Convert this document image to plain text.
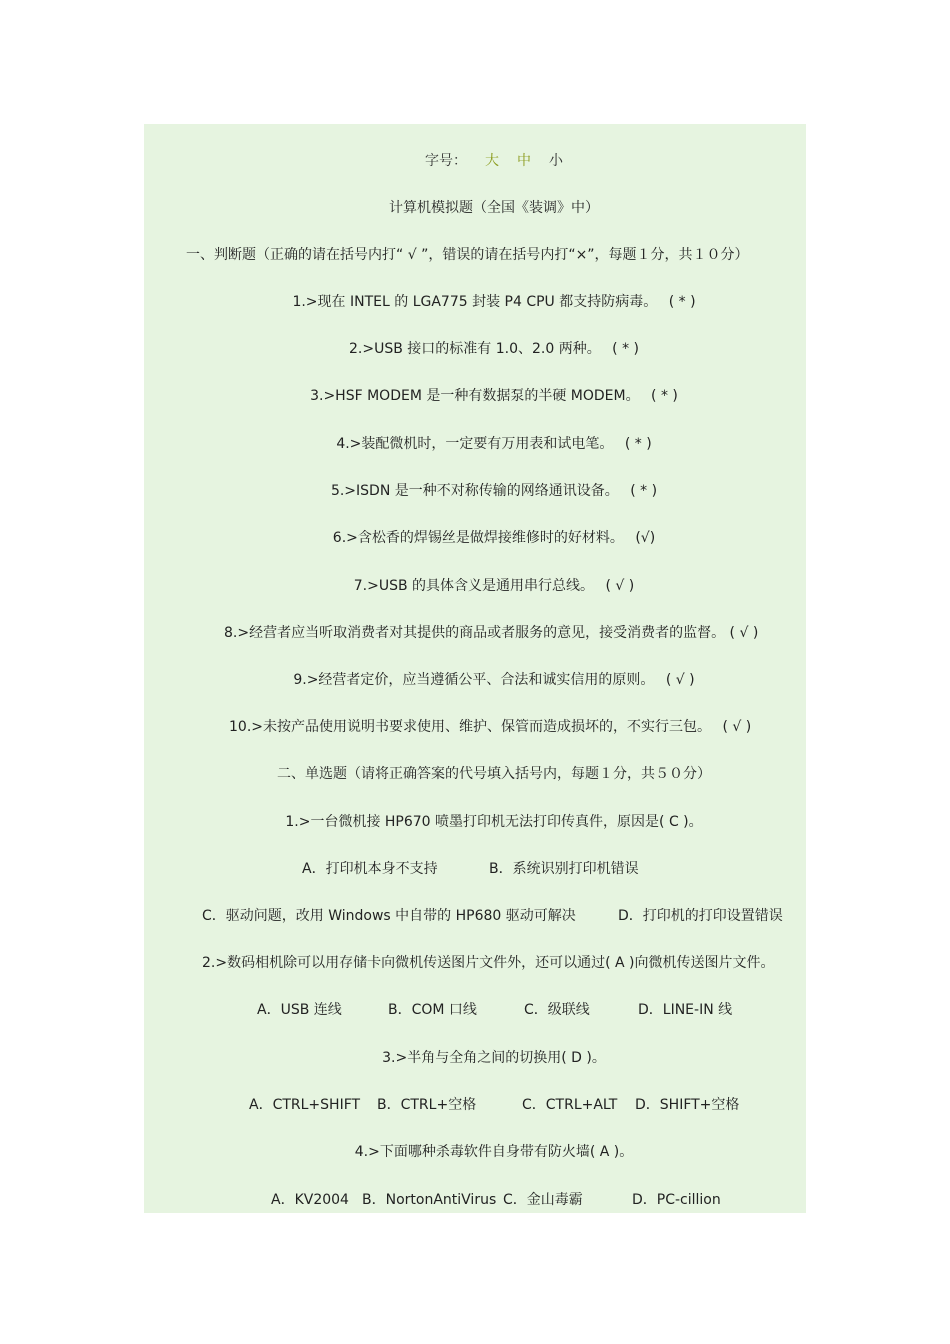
字号： 大 中 小
计算机模拟题（全国《装调》中）
一、判断题（正确的请在括号内打“ √ ”，错误的请在括号内打“×”，每题１分，共１０分）
1.>现在 INTEL 的 LGA775 封装 P4 CPU 都支持防病毒。　 ( * )
2.>USB 接口的标准有 1.0、2.0 两种。　 ( * )
3.>HSF MODEM 是一种有数据泵的半硬 MODEM。　 ( * )
4.>装配微机时，一定要有万用表和试电笔。　 ( * )
5.>ISDN 是一种不对称传输的网络通讯设备。　 ( * )
6.>含松香的焊锡丝是做焊接维修时的好材料。　 (√)
7.>USB 的具体含义是通用串行总线。　 ( √ )
8.>经营者应当听取消费者对其提供的商品或者服务的意见，接受消费者的监督。 ( √ )
9.>经营者定价，应当遵循公平、合法和诚实信用的原则。　 ( √ )
10.>未按产品使用说明书要求使用、维护、保管而造成损坏的，不实行三包。　 ( √ )
二、单选题（请将正确答案的代号填入括号内，每题１分，共５０分）
1.>一台微机接 HP670 喷墨打印机无法打印传真件，原因是( C )。
A．打印机本身不支持	B．系统识别打印机错误
C．驱动问题，改用 Windows 中自带的 HP680 驱动可解决	D．打印机的打印设置错误
2.>数码相机除可以用存储卡向微机传送图片文件外，还可以通过( A )向微机传送图片文件。
A．USB 连线	B．COM 口线	C．级联线	D．LINE-IN 线
3.>半角与全角之间的切换用( D )。
A．CTRL+SHIFT B．CTRL+空格	C．CTRL+ALT D．SHIFT+空格
4.>下面哪种杀毒软件自身带有防火墙( A )。
A．KV2004 B．NortonAntiVirus C．金山毒霸	D．PC-cillion
